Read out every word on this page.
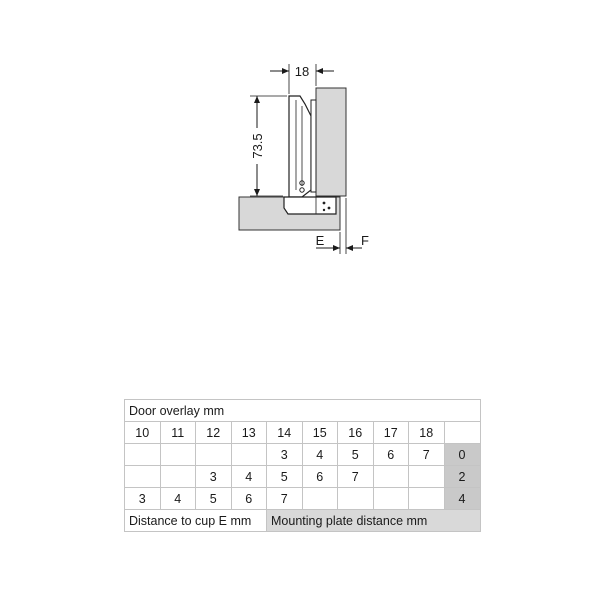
18
73.5
E	F
Door overlay mm									
10	11	12	13	14	15	16	17	18	
				3	4	5	6	7	0
		3	4	5	6	7			2
3	4	5	6	7					4
Distance to cup E mm				Mounting plate distance mm					
